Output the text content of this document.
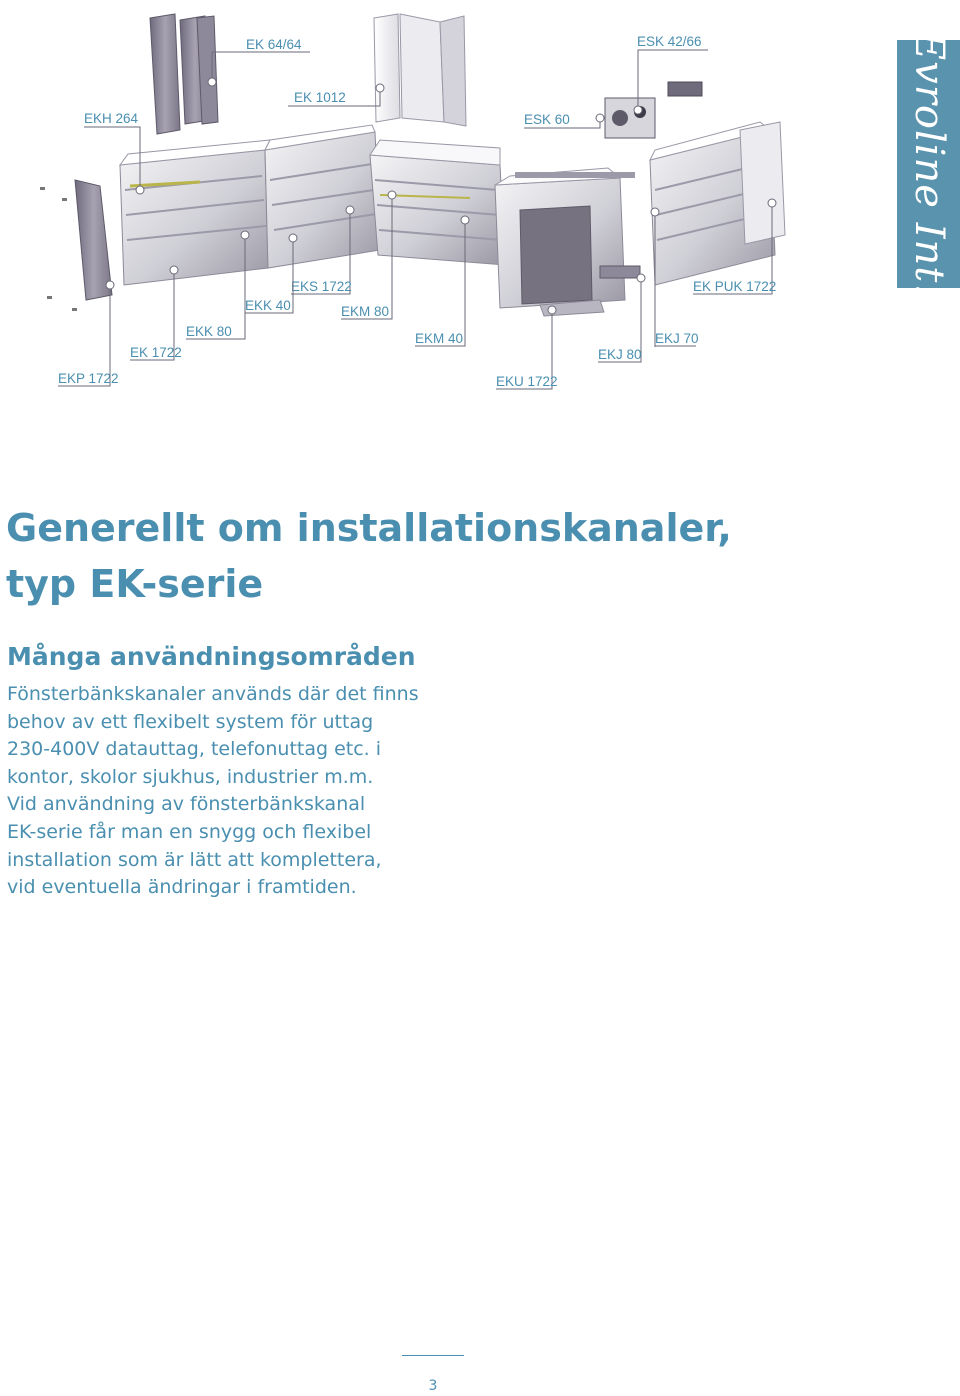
EK 64/64
EK 1012
EKH 264	ESK 60
ESK 42/66
EKS 1722
EKK 40	EKM 80
EKK 80
EK 1722
EKP 1722
EKM 40
EKU 1722
EKJ 80
EKJ 70
EK PUK 1722	Evroline Int.
Generellt om installationskanaler,
typ EK-serie
Många användningsområden
Fönsterbänkskanaler används där det finns
behov av ett flexibelt system för uttag
230-400V datauttag, telefonuttag etc. i
kontor, skolor sjukhus, industrier m.m.
Vid användning av fönsterbänkskanal
EK-serie får man en snygg och flexibel
installation som är lätt att komplettera,
vid eventuella ändringar i framtiden.
3
